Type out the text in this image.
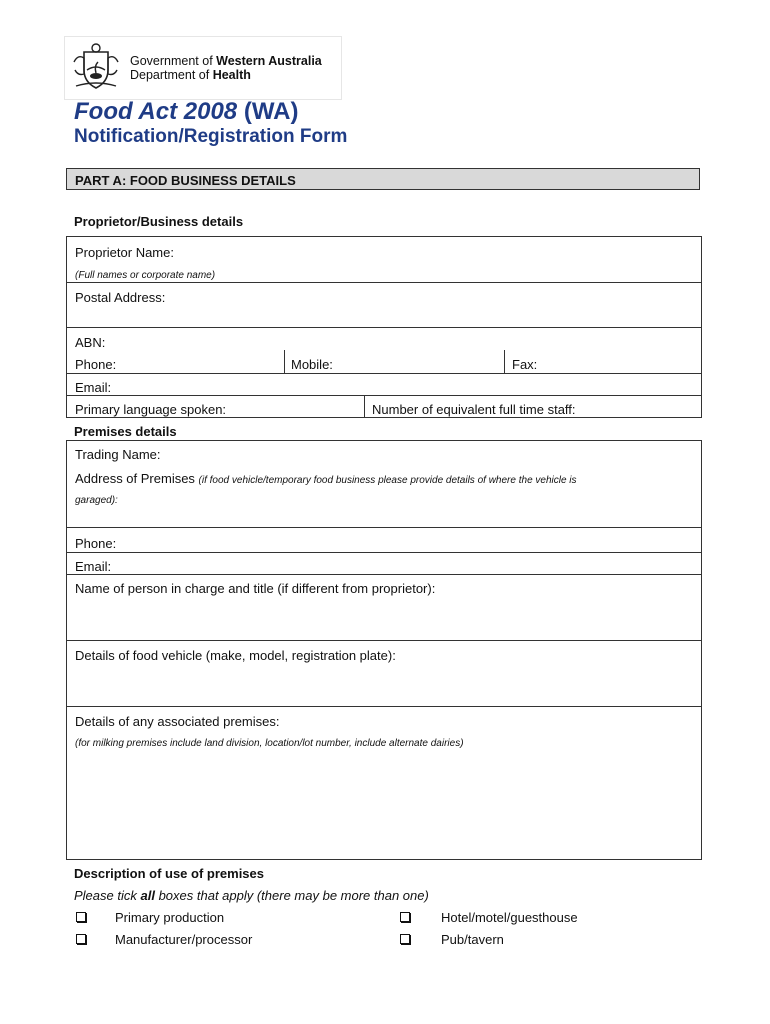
Government of Western Australia
Department of Health
Food Act 2008 (WA)
Notification/Registration Form
PART A: FOOD BUSINESS DETAILS
Proprietor/Business details
Proprietor Name:
(Full names or corporate name)
Postal Address:
ABN:
Phone:	Mobile:	Fax:
Email:
Primary language spoken:	Number of equivalent full time staff:
Premises details
Trading Name:
Address of Premises (if food vehicle/temporary food business please provide details of where the vehicle is
garaged):
Phone:
Email:
Name of person in charge and title (if different from proprietor):
Details of food vehicle (make, model, registration plate):
Details of any associated premises:
(for milking premises include land division, location/lot number, include alternate dairies)
Description of use of premises
Please tick all boxes that apply (there may be more than one)
Primary production	Hotel/motel/guesthouse
Manufacturer/processor	Pub/tavern
